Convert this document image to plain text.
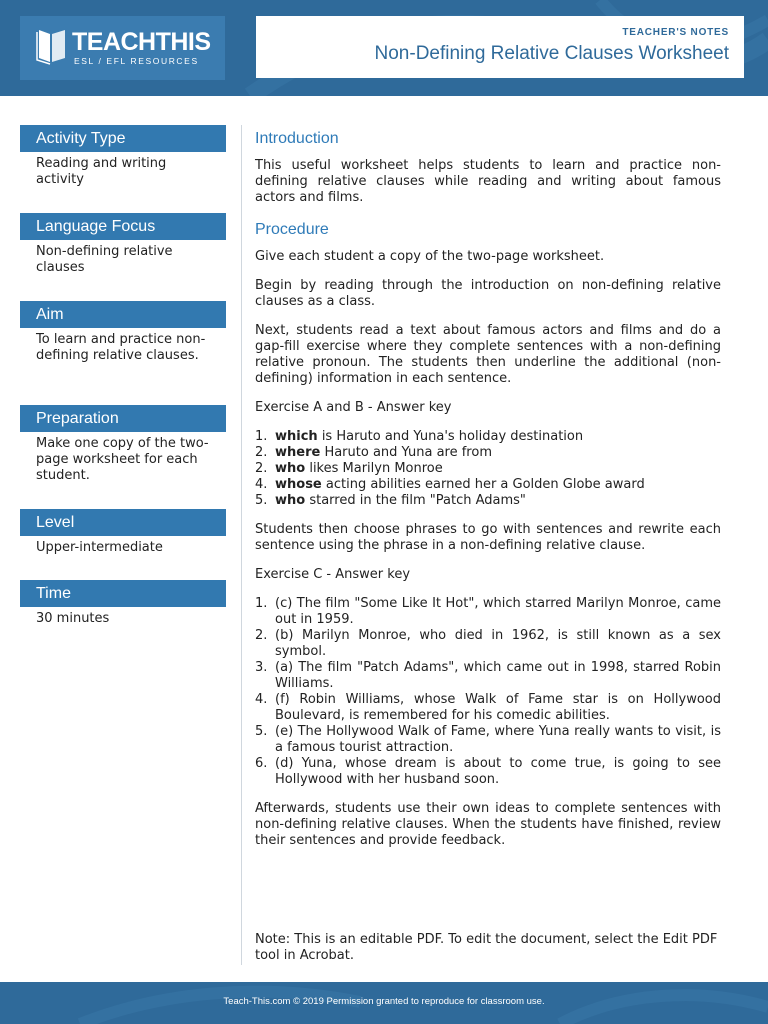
TEACHTHIS
ESL / EFL RESOURCES
TEACHER'S NOTES
Non-Defining Relative Clauses Worksheet
Activity Type
Reading and writing activity
Language Focus
Non-defining relative clauses
Aim
To learn and practice non-defining relative clauses.
Preparation
Make one copy of the two-page worksheet for each student.
Level
Upper-intermediate
Time
30 minutes
Introduction

This useful worksheet helps students to learn and practice non-defining relative clauses while reading and writing about famous actors and films.

Procedure

Give each student a copy of the two-page worksheet.

Begin by reading through the introduction on non-defining relative clauses as a class.

Next, students read a text about famous actors and films and do a gap-fill exercise where they complete sentences with a non-defining relative pronoun. The students then underline the additional (non-defining) information in each sentence.

Exercise A and B - Answer key

1. which is Haruto and Yuna's holiday destination
2. where Haruto and Yuna are from
2. who likes Marilyn Monroe
4. whose acting abilities earned her a Golden Globe award
5. who starred in the film "Patch Adams"

Students then choose phrases to go with sentences and rewrite each sentence using the phrase in a non-defining relative clause.

Exercise C - Answer key

1. (c) The film "Some Like It Hot", which starred Marilyn Monroe, came out in 1959.
2. (b) Marilyn Monroe, who died in 1962, is still known as a sex symbol.
3. (a) The film "Patch Adams", which came out in 1998, starred Robin Williams.
4. (f) Robin Williams, whose Walk of Fame star is on Hollywood Boulevard, is remembered for his comedic abilities.
5. (e) The Hollywood Walk of Fame, where Yuna really wants to visit, is a famous tourist attraction.
6. (d) Yuna, whose dream is about to come true, is going to see Hollywood with her husband soon.

Afterwards, students use their own ideas to complete sentences with non-defining relative clauses. When the students have finished, review their sentences and provide feedback.

Note: This is an editable PDF. To edit the document, select the Edit PDF tool in Acrobat.
Teach-This.com © 2019 Permission granted to reproduce for classroom use.
